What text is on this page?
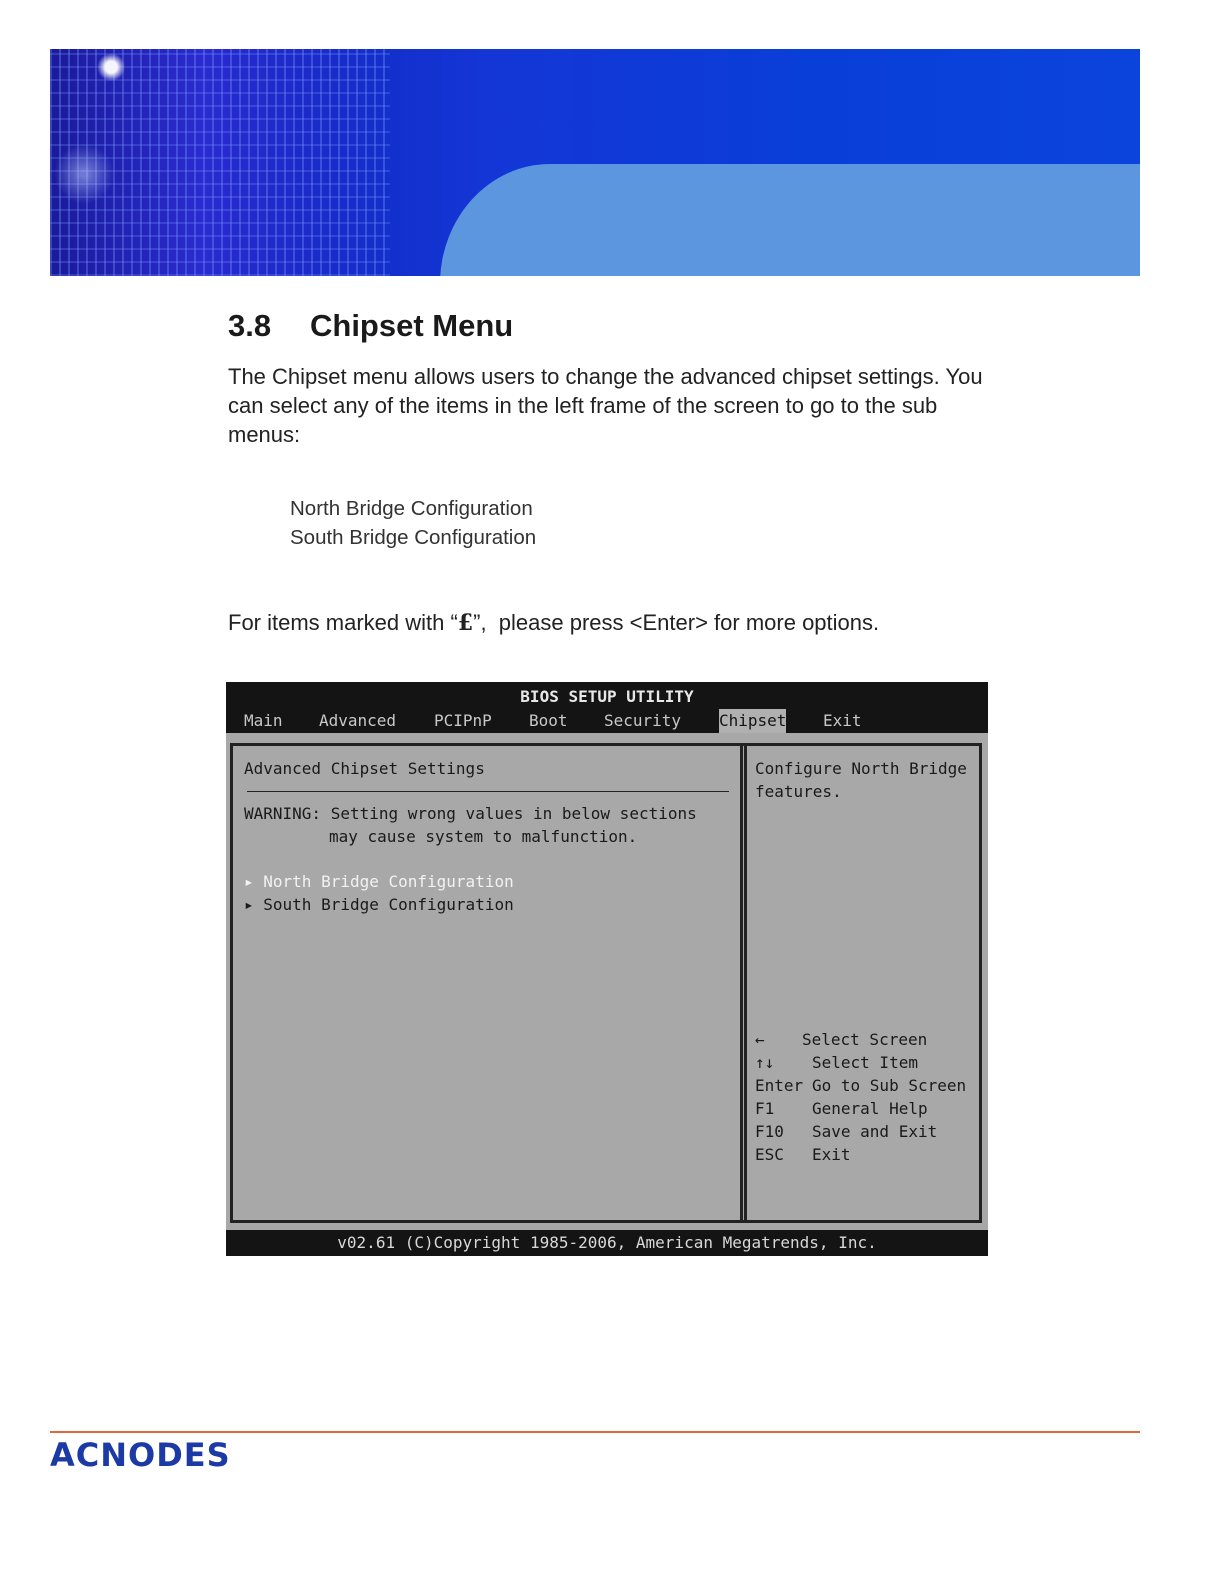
3.8 Chipset Menu

The Chipset menu allows users to change the advanced chipset settings. You can select any of the items in the left frame of the screen to go to the sub menus:

North Bridge Configuration
South Bridge Configuration

For items marked with “£”,  please press <Enter> for more options.

BIOS SETUP UTILITY
Main Advanced PCIPnP Boot Security Chipset Exit
Advanced Chipset Settings
WARNING: Setting wrong values in below sections
may cause system to malfunction.
▸ North Bridge Configuration
▸ South Bridge Configuration
Configure North Bridge
features.
← Select Screen
↑↓ Select Item
Enter Go to Sub Screen
F1 General Help
F10 Save and Exit
ESC Exit
v02.61 (C)Copyright 1985-2006, American Megatrends, Inc.
ACNODES
